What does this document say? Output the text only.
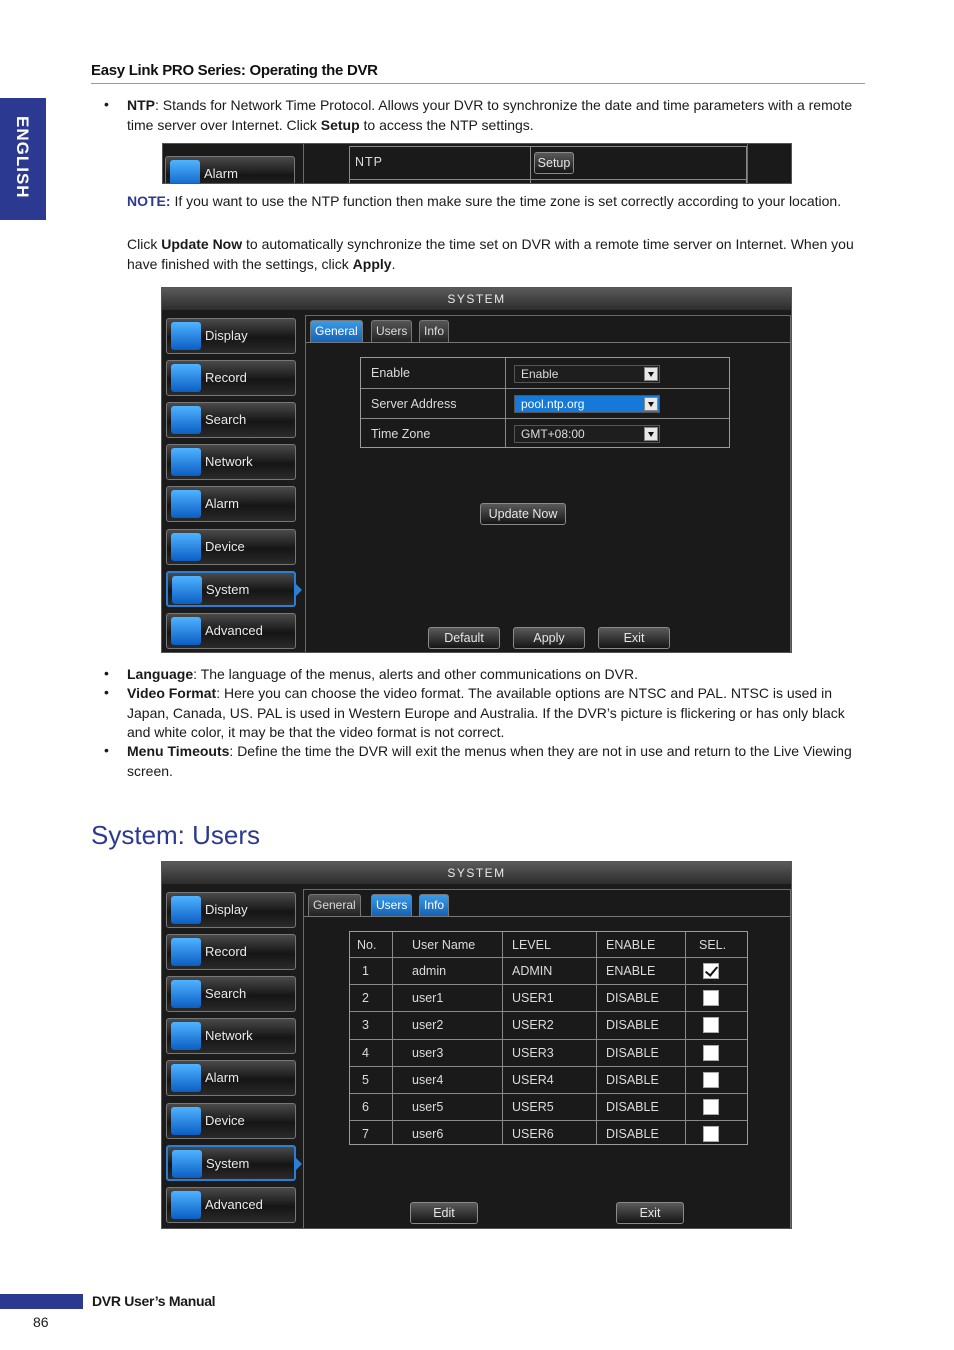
Easy Link PRO Series: Operating the DVR
ENGLISH
• NTP: Stands for Network Time Protocol. Allows your DVR to synchronize the date and time parameters with a remote time server over Internet. Click Setup to access the NTP settings.

Alarm
NTP	Setup

NOTE: If you want to use the NTP function then make sure the time zone is set correctly according to your location.

Click Update Now to automatically synchronize the time set on DVR with a remote time server on Internet. When you have finished with the settings, click Apply.

SYSTEM
Display
Record
Search
Network
Alarm
Device
System
Advanced
General	Users	Info
Enable	Enable
Server Address	pool.ntp.org
Time Zone	GMT+08:00
Update Now
Default	Apply	Exit
• Language: The language of the menus, alerts and other communications on DVR.

• Video Format: Here you can choose the video format. The available options are NTSC and PAL. NTSC is used in Japan, Canada, US. PAL is used in Western Europe and Australia. If the DVR’s picture is flickering or has only black and white color, it may be that the video format is not correct.

• Menu Timeouts: Define the time the DVR will exit the menus when they are not in use and return to the Live Viewing screen.

System: Users
SYSTEM
Display
Record
Search
Network
Alarm
Device
System
Advanced
General	Users	Info
No.	User Name	LEVEL	ENABLE	SEL.
1	admin	ADMIN	ENABLE
2	user1	USER1	DISABLE
3	user2	USER2	DISABLE
4	user3	USER3	DISABLE
5	user4	USER4	DISABLE
6	user5	USER5	DISABLE
7	user6	USER6	DISABLE
Edit	Exit
DVR User’s Manual
86
